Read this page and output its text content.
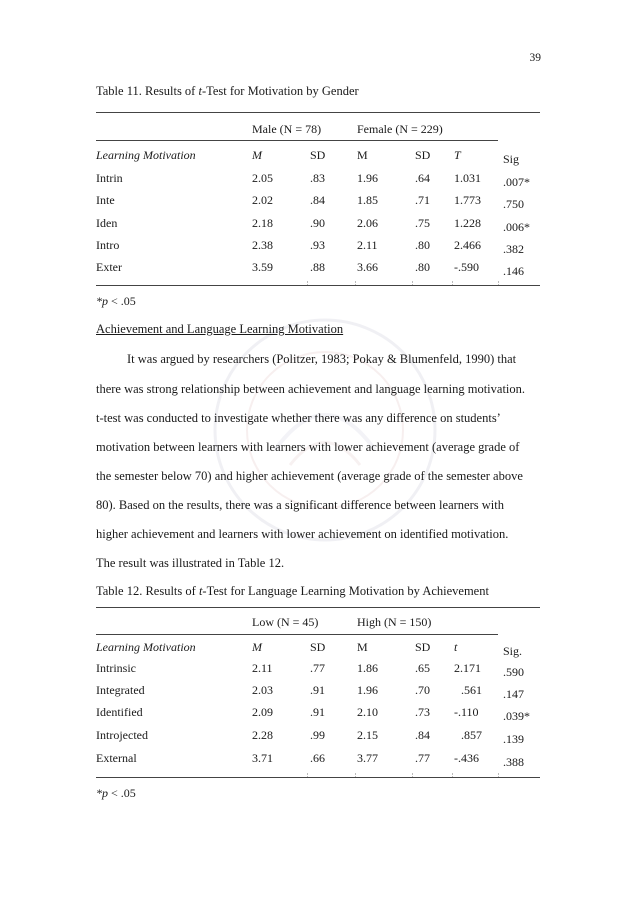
39
Table 11. Results of t-Test for Motivation by Gender
Male (N = 78)	Female (N = 229)
Learning Motivation	M	SD	M	SD T	Sig
Intrin	2.05	.83	1.96	.64 1.031 .007*
Inte	2.02	.84	1.85	.71 1.773 .750
Iden	2.18	.90	2.06	.75 1.228 .006*
Intro	2.38	.93	2.11	.80 2.466 .382
Exter	3.59	.88	3.66	.80 -.590 .146
*p < .05
Achievement and Language Learning Motivation
It was argued by researchers (Politzer, 1983; Pokay & Blumenfeld, 1990) that
there was strong relationship between achievement and language learning motivation.
t-test was conducted to investigate whether there was any difference on students’
motivation between learners with learners with lower achievement (average grade of
the semester below 70) and higher achievement (average grade of the semester above
80). Based on the results, there was a significant difference between learners with
higher achievement and learners with lower achievement on identified motivation.
The result was illustrated in Table 12.
Table 12. Results of t-Test for Language Learning Motivation by Achievement
Low (N = 45)	High (N = 150)
Learning Motivation	M	SD	M	SD t	Sig.
Intrinsic	2.11	.77	1.86	.65 2.171 .590
Integrated	2.03	.91	1.96	.70	.561 .147
Identified	2.09	.91	2.10	.73 -.110 .039*
Introjected	2.28	.99	2.15	.84	.857 .139
External	3.71	.66	3.77	.77 -.436 .388
*p < .05
